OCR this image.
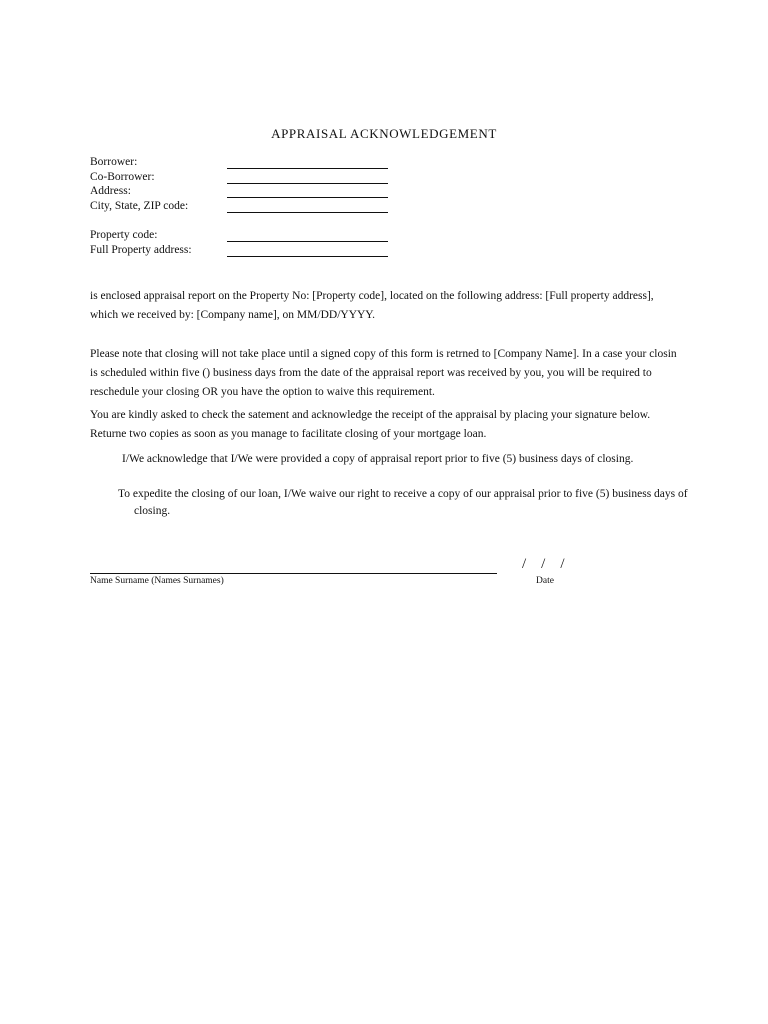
APPRAISAL ACKNOWLEDGEMENT
Borrower:
Co-Borrower:
Address:
City, State, ZIP code:
Property code:
Full Property address:
is enclosed appraisal report on the Property No: [Property code], located on the following address: [Full property address], which we received by: [Company name], on MM/DD/YYYY.
Please note that closing will not take place until a signed copy of this form is retrned to [Company Name]. In a case your closin is scheduled within five () business days from the date of the appraisal report was received by you, you will be required to reschedule your closing OR you have the option to waive this requirement.
You are kindly asked to check the satement and acknowledge the receipt of the appraisal by placing your signature below. Returne two copies as soon as you manage to facilitate closing of your mortgage loan.
I/We acknowledge that I/We were provided a copy of appraisal report prior to five (5) business days of closing.
To expedite the closing of our loan, I/We waive our right to receive a copy of our appraisal prior to five (5) business days of closing.
Name Surname (Names Surnames)
/    /    /
Date
